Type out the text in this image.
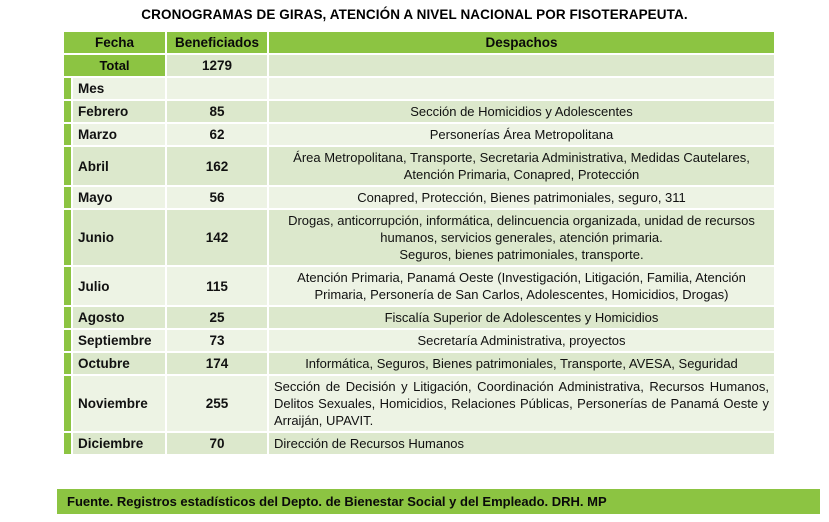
CRONOGRAMAS DE GIRAS, ATENCIÓN A NIVEL NACIONAL POR FISOTERAPEUTA.
Fecha		Beneficiados	Despachos
Total		1279	
	Mes		
	Febrero	85	Sección de Homicidios y Adolescentes
	Marzo	62	Personerías Área Metropolitana
	Abril	162	Área Metropolitana, Transporte, Secretaria Administrativa, Medidas Cautelares, Atención Primaria, Conapred, Protección
	Mayo	56	Conapred, Protección, Bienes patrimoniales, seguro, 311
	Junio	142	Drogas, anticorrupción, informática, delincuencia organizada, unidad de recursos humanos, servicios generales, atención primaria.
Seguros, bienes patrimoniales, transporte.
	Julio	115	Atención Primaria, Panamá Oeste (Investigación, Litigación, Familia, Atención Primaria, Personería de San Carlos, Adolescentes, Homicidios, Drogas)
	Agosto	25	Fiscalía Superior de Adolescentes y Homicidios
	Septiembre	73	Secretaría Administrativa, proyectos
	Octubre	174	Informática, Seguros, Bienes patrimoniales, Transporte, AVESA, Seguridad
	Noviembre	255	Sección de Decisión y Litigación, Coordinación Administrativa, Recursos Humanos, Delitos Sexuales, Homicidios, Relaciones Públicas, Personerías de Panamá Oeste y Arraiján, UPAVIT.
	Diciembre	70	Dirección de Recursos Humanos
Fuente. Registros estadísticos del Depto. de Bienestar Social y del Empleado. DRH. MP
